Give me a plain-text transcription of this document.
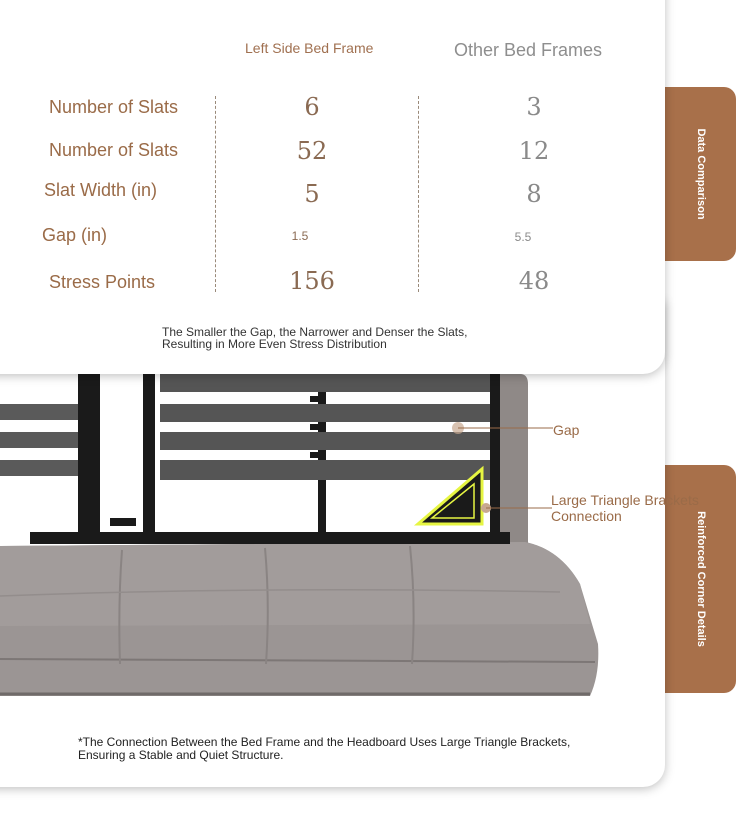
Data Comparison
Reinforced Corner Details
Gap
Large Triangle Brackets
Connection
*The Connection Between the Bed Frame and the Headboard Uses Large Triangle Brackets,
Ensuring a Stable and Quiet Structure.
Left Side Bed Frame	Other Bed Frames
Number of Slats	6	3
Number of Slats	52	12
Slat Width (in)	5	8
Gap (in)	1.5	5.5
Stress Points	156	48
The Smaller the Gap, the Narrower and Denser the Slats,
Resulting in More Even Stress Distribution
